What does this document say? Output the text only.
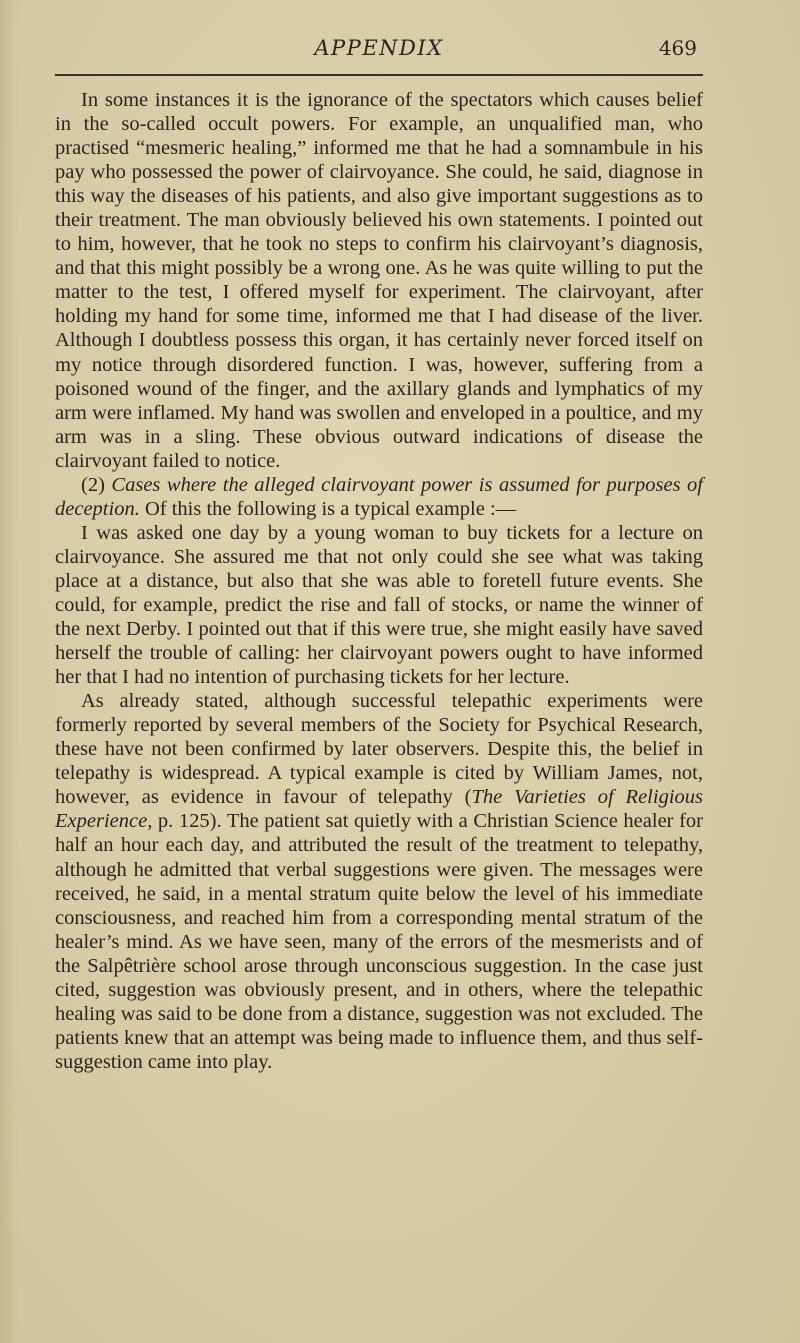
APPENDIX	469

In some instances it is the ignorance of the spectators which causes belief in the so-called occult powers. For example, an unqualified man, who practised “mesmeric healing,” informed me that he had a somnambule in his pay who possessed the power of clairvoyance. She could, he said, diagnose in this way the diseases of his patients, and also give important suggestions as to their treatment. The man obviously believed his own statements. I pointed out to him, however, that he took no steps to confirm his clairvoyant’s diagnosis, and that this might possibly be a wrong one. As he was quite willing to put the matter to the test, I offered myself for experiment. The clairvoyant, after holding my hand for some time, informed me that I had disease of the liver. Although I doubtless possess this organ, it has certainly never forced itself on my notice through disordered function. I was, however, suffering from a poisoned wound of the finger, and the axillary glands and lymphatics of my arm were inflamed. My hand was swollen and enveloped in a poultice, and my arm was in a sling. These obvious outward indications of disease the clairvoyant failed to notice.

(2) Cases where the alleged clairvoyant power is assumed for purposes of deception. Of this the following is a typical example :—

I was asked one day by a young woman to buy tickets for a lecture on clairvoyance. She assured me that not only could she see what was taking place at a distance, but also that she was able to foretell future events. She could, for example, predict the rise and fall of stocks, or name the winner of the next Derby. I pointed out that if this were true, she might easily have saved herself the trouble of calling: her clairvoyant powers ought to have informed her that I had no intention of purchasing tickets for her lecture.

As already stated, although successful telepathic experiments were formerly reported by several members of the Society for Psychical Research, these have not been confirmed by later observers. Despite this, the belief in telepathy is widespread. A typical example is cited by William James, not, however, as evidence in favour of telepathy (The Varieties of Religious Experience, p. 125). The patient sat quietly with a Christian Science healer for half an hour each day, and attributed the result of the treatment to telepathy, although he admitted that verbal suggestions were given. The messages were received, he said, in a mental stratum quite below the level of his immediate consciousness, and reached him from a corresponding mental stratum of the healer’s mind. As we have seen, many of the errors of the mesmerists and of the Salpêtrière school arose through unconscious suggestion. In the case just cited, suggestion was obviously present, and in others, where the telepathic healing was said to be done from a distance, suggestion was not excluded. The patients knew that an attempt was being made to influence them, and thus self-suggestion came into play.
